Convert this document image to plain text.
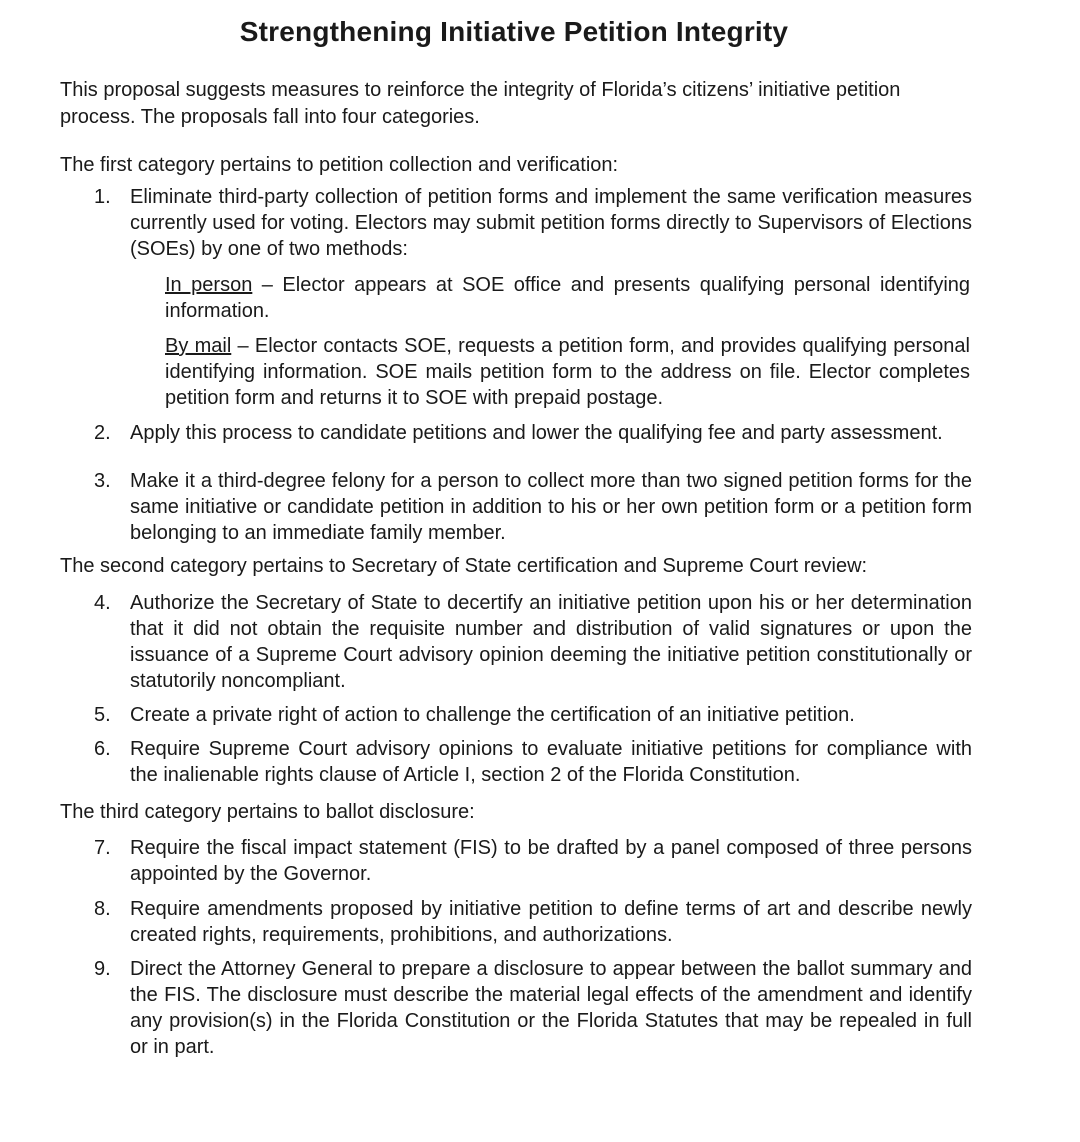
Strengthening Initiative Petition Integrity

This proposal suggests measures to reinforce the integrity of Florida’s citizens’ initiative petition process. The proposals fall into four categories.

The first category pertains to petition collection and verification:

1. Eliminate third-party collection of petition forms and implement the same verification measures currently used for voting. Electors may submit petition forms directly to Supervisors of Elections (SOEs) by one of two methods:
In person – Elector appears at SOE office and presents qualifying personal identifying information.
By mail – Elector contacts SOE, requests a petition form, and provides qualifying personal identifying information. SOE mails petition form to the address on file. Elector completes petition form and returns it to SOE with prepaid postage.
2. Apply this process to candidate petitions and lower the qualifying fee and party assessment.
3. Make it a third-degree felony for a person to collect more than two signed petition forms for the same initiative or candidate petition in addition to his or her own petition form or a petition form belonging to an immediate family member.

The second category pertains to Secretary of State certification and Supreme Court review:

4. Authorize the Secretary of State to decertify an initiative petition upon his or her determination that it did not obtain the requisite number and distribution of valid signatures or upon the issuance of a Supreme Court advisory opinion deeming the initiative petition constitutionally or statutorily noncompliant.
5. Create a private right of action to challenge the certification of an initiative petition.
6. Require Supreme Court advisory opinions to evaluate initiative petitions for compliance with the inalienable rights clause of Article I, section 2 of the Florida Constitution.

The third category pertains to ballot disclosure:

7. Require the fiscal impact statement (FIS) to be drafted by a panel composed of three persons appointed by the Governor.
8. Require amendments proposed by initiative petition to define terms of art and describe newly created rights, requirements, prohibitions, and authorizations.
9. Direct the Attorney General to prepare a disclosure to appear between the ballot summary and the FIS. The disclosure must describe the material legal effects of the amendment and identify any provision(s) in the Florida Constitution or the Florida Statutes that may be repealed in full or in part.
